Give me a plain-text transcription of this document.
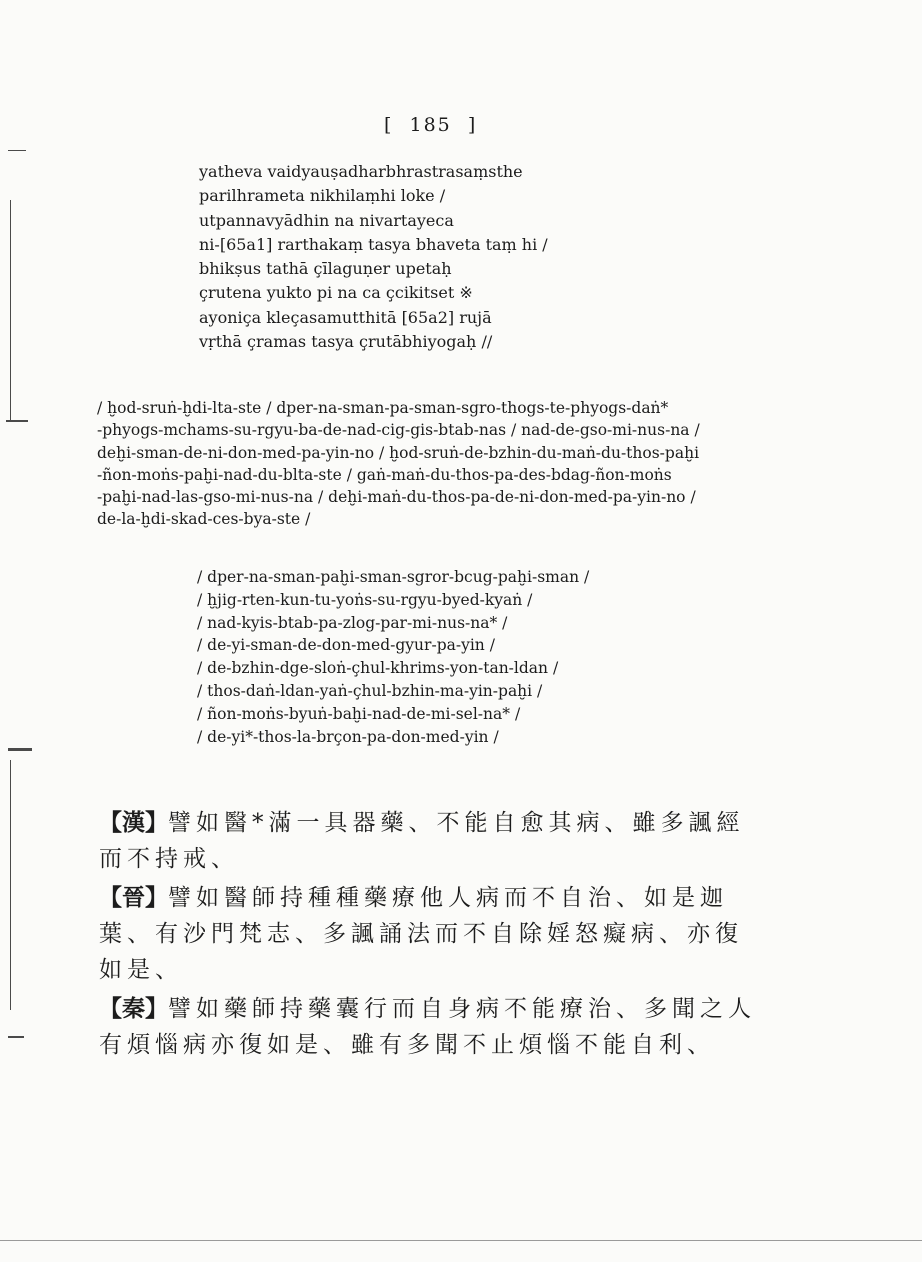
[  185  ]
yatheva vaidyauṣadharbhrastrasaṃsthe
parilhrameta nikhilaṃhi loke /
utpannavyādhin na nivartayeca
ni-[65a1] rarthakaṃ tasya bhaveta taṃ hi /
bhikṣus tathā çīlaguṇer upetaḥ
çrutena yukto pi na ca çcikitset ※
ayoniça kleçasamutthitā [65a2] rujā
vṛthā çramas tasya çrutābhiyogaḥ //
/ ḫod-sruṅ-ḫdi-lta-ste / dper-na-sman-pa-sman-sgro-thogs-te-phyogs-daṅ*
-phyogs-mchams-su-rgyu-ba-de-nad-cig-gis-btab-nas / nad-de-gso-mi-nus-na /
deḫi-sman-de-ni-don-med-pa-yin-no / ḫod-sruṅ-de-bzhin-du-maṅ-du-thos-paḫi
-ñon-moṅs-paḫi-nad-du-blta-ste / gaṅ-maṅ-du-thos-pa-des-bdag-ñon-moṅs
-paḫi-nad-las-gso-mi-nus-na / deḫi-maṅ-du-thos-pa-de-ni-don-med-pa-yin-no /
de-la-ḫdi-skad-ces-bya-ste /
/ dper-na-sman-paḫi-sman-sgror-bcug-paḫi-sman /
/ ḫjig-rten-kun-tu-yoṅs-su-rgyu-byed-kyaṅ /
/ nad-kyis-btab-pa-zlog-par-mi-nus-na* /
/ de-yi-sman-de-don-med-gyur-pa-yin /
/ de-bzhin-dge-sloṅ-çhul-khrims-yon-tan-ldan /
/ thos-daṅ-ldan-yaṅ-çhul-bzhin-ma-yin-paḫi /
/ ñon-moṅs-byuṅ-baḫi-nad-de-mi-sel-na* /
/ de-yi*-thos-la-brçon-pa-don-med-yin /
【漢】譬如醫*滿一具器藥、不能自愈其病、雖多諷經而不持戒、
【晉】譬如醫師持種種藥療他人病而不自治、如是迦葉、有沙門梵志、多諷誦法而不自除婬怒癡病、亦復如是、
【秦】譬如藥師持藥囊行而自身病不能療治、多聞之人有煩惱病亦復如是、雖有多聞不止煩惱不能自利、
